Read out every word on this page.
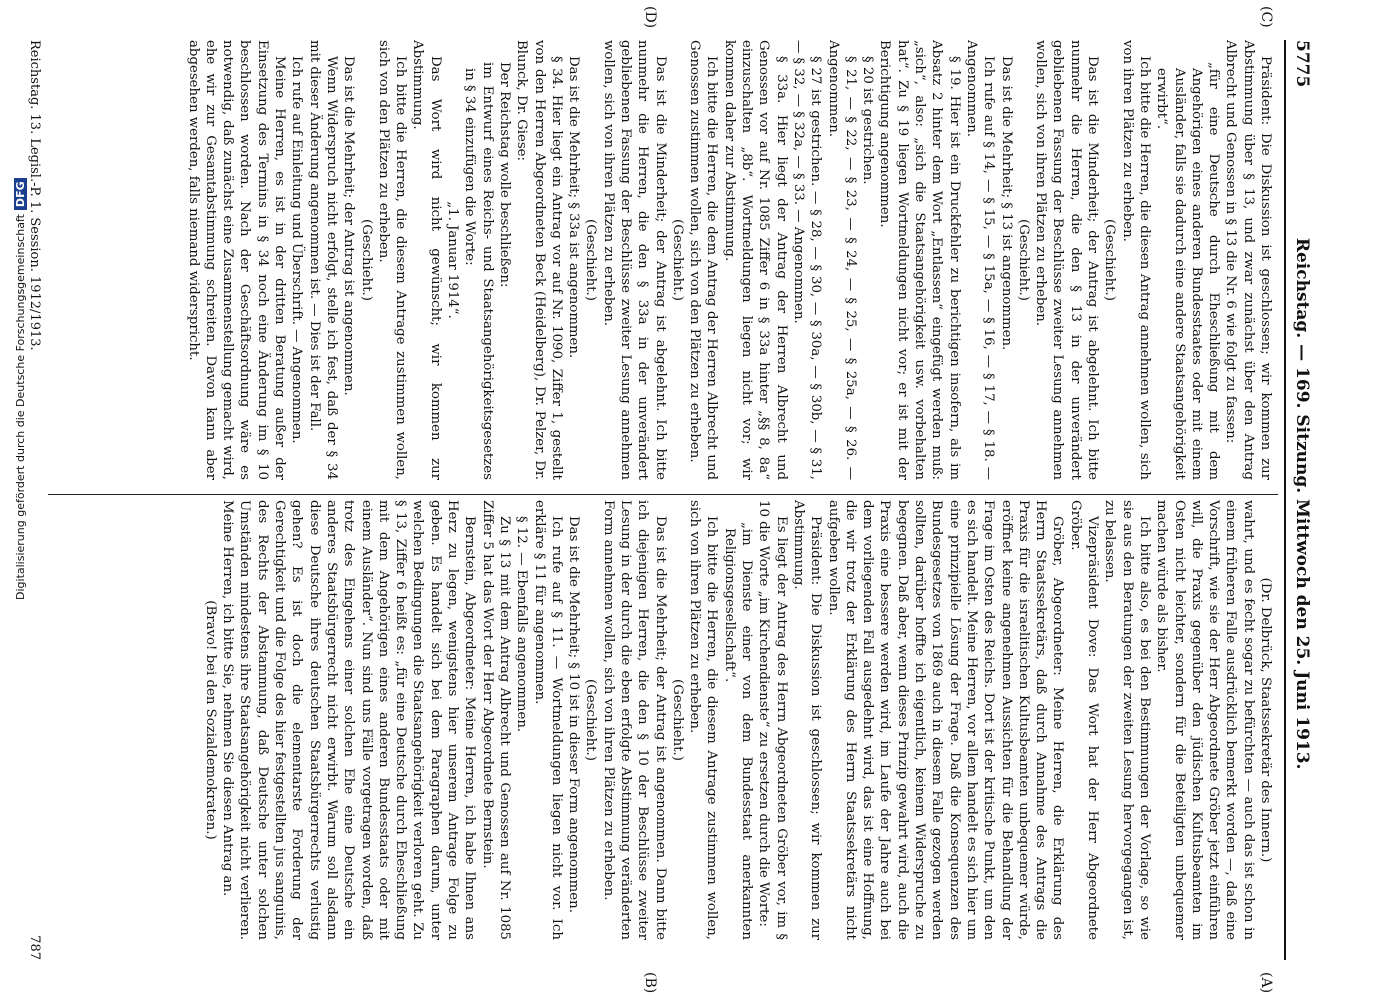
5775
Reichstag. — 169. Sitzung. Mittwoch den 25. Juni 1913.
(A)
(B)
(C)
(D)

(Dr. Delbrück, Staatssekretär des Innern.)

wahrt, und es fecht sogar zu befürchten — auch das ist schon in einem früheren Falle ausdrücklich bemerkt worden —, daß eine Vorschrift, wie sie der Herr Abgeordnete Gröber jetzt einführen will, die Praxis gegenüber den jüdischen Kultusbeamten im Osten nicht leichter, sondern für die Beteiligten unbequemer machen würde als bisher.

Ich bitte also, es bei den Bestimmungen der Vorlage, so wie sie aus den Beratungen der zweiten Lesung hervorgegangen ist, zu belassen.

Vizepräsident Dove: Das Wort hat der Herr Abgeordnete Gröber.

Gröber, Abgeordneter: Meine Herren, die Erklärung des Herrn Staatssekretärs, daß durch Annahme des Antrags die Praxis für die israelitischen Kultusbeamten unbequemer würde, eröffnet keine angenehmen Aussichten für die Behandlung der Frage im Osten des Reichs. Dort ist der kritische Punkt, um den es sich handelt. Meine Herren, vor allem handelt es sich hier um eine prinzipielle Lösung der Frage. Daß die Konsequenzen des Bundesgesetzes von 1869 auch in diesem Falle gezogen werden sollten, darüber hoffte ich eigentlich, keinem Widerspruche zu begegnen. Daß aber, wenn dieses Prinzip gewahrt wird, auch die Praxis eine bessere werden wird, im Laufe der Jahre auch bei dem vorliegenden Fall ausgedehnt wird, das ist eine Hoffnung, die wir trotz der Erklärung des Herrn Staatssekretärs nicht aufgeben wollen.

Präsident: Die Diskussion ist geschlossen; wir kommen zur Abstimmung.

Es liegt der Antrag des Herrn Abgeordneten Gröber vor, im § 10 die Worte „im Kirchendienste“ zu ersetzen durch die Worte:

„im Dienste einer von dem Bundesstaat anerkannten Religionsgesellschaft“.

Ich bitte die Herren, die diesem Antrage zustimmen wollen, sich von ihren Plätzen zu erheben.

(Geschieht.)

Das ist die Mehrheit; der Antrag ist angenommen. Dann bitte ich diejenigen Herren, die den § 10 der Beschlüsse zweiter Lesung in der durch die eben erfolgte Abstimmung veränderten Form annehmen wollen, sich von ihren Plätzen zu erheben.

(Geschieht.)

Das ist die Mehrheit; § 10 ist in dieser Form angenommen.

Ich rufe auf § 11. — Wortmeldungen liegen nicht vor. Ich erkläre § 11 für angenommen.

§ 12. — Ebenfalls angenommen.

Zu § 13 mit dem Antrag Albrecht und Genossen auf Nr. 1085 Ziffer 5 hat das Wort der Herr Abgeordnete Bernstein.

Bernstein, Abgeordneter: Meine Herren, ich habe Ihnen ans Herz zu legen, wenigstens hier unserem Antrage Folge zu geben. Es handelt sich bei dem Paragraphen darum, unter welchen Bedingungen die Staatsangehörigkeit verloren geht. Zu § 13, Ziffer 6 heißt es: „für eine Deutsche durch Eheschließung mit dem Angehörigen eines anderen Bundesstaats oder mit einem Ausländer“. Nun sind uns Fälle vorgetragen worden, daß trotz des Eingehens einer solchen Ehe eine Deutsche ein anderes Staatsbürgerrecht nicht erwirbt. Warum soll alsdann diese Deutsche ihres deutschen Staatsbürgerrechts verlustig gehen? Es ist doch die elementarste Forderung der Gerechtigkeit und die Folge des hier festgestellten jus sanguinis, des Rechts der Abstammung, daß Deutsche unter solchen Umständen mindestens ihre Staatsangehörigkeit nicht verlieren. Meine Herren, ich bitte Sie, nehmen Sie diesen Antrag an.

(Bravo! bei den Sozialdemokraten.)

Präsident: Die Diskussion ist geschlossen; wir kommen zur Abstimmung über § 13, und zwar zunächst über den Antrag Albrecht und Genossen in § 13 die Nr. 6 wie folgt zu fassen:

„für eine Deutsche durch Eheschließung mit dem Angehörigen eines anderen Bundesstaates oder mit einem Ausländer, falls sie dadurch eine andere Staatsangehörigkeit erwirbt“.

Ich bitte die Herren, die diesen Antrag annehmen wollen, sich von ihren Plätzen zu erheben.

(Geschieht.)

Das ist die Minderheit; der Antrag ist abgelehnt. Ich bitte nunmehr die Herren, die den § 13 in der unverändert gebliebenen Fassung der Beschlüsse zweiter Lesung annehmen wollen, sich von ihren Plätzen zu erheben.

(Geschieht.)

Das ist die Mehrheit; § 13 ist angenommen.

Ich rufe auf § 14, — § 15, — § 15a, — § 16, — § 17, — § 18. — Angenommen.

§ 19. Hier ist ein Druckfehler zu berichtigen insofern, als im Absatz 2 hinter dem Wort „Entlassen“ eingefügt werden muß: „sich“, also: „sich die Staatsangehörigkeit usw. vorbehalten hat“. Zu § 19 liegen Wortmeldungen nicht vor; er ist mit der Berichtigung angenommen.

§ 20 ist gestrichen.

§ 21, — § 22, — § 23, — § 24, — § 25, — § 25a, — § 26. — Angenommen.

§ 27 ist gestrichen. — § 28, — § 30, — § 30a, — § 30b, — § 31, — § 32, — § 32a, — § 33. — Angenommen.

§ 33a. Hier liegt der Antrag der Herren Albrecht und Genossen vor auf Nr. 1085 Ziffer 6 in § 33a hinter „§§ 8, 8a“ einzuschalten „8b“. Wortmeldungen liegen nicht vor; wir kommen daher zur Abstimmung.

Ich bitte die Herren, die dem Antrag der Herren Albrecht und Genossen zustimmen wollen, sich von den Plätzen zu erheben.

(Geschieht.)

Das ist die Minderheit; der Antrag ist abgelehnt. Ich bitte nunmehr die Herren, die den § 33a in der unverändert gebliebenen Fassung der Beschlüsse zweiter Lesung annehmen wollen, sich von ihren Plätzen zu erheben.

(Geschieht.)

Das ist die Mehrheit; § 33a ist angenommen.

§ 34. Hier liegt ein Antrag vor auf Nr. 1090, Ziffer 1, gestellt von den Herren Abgeordneten Beck (Heidelberg), Dr. Pelzer, Dr. Blunck, Dr. Giese:

Der Reichstag wolle beschließen:

im Entwurf eines Reichs- und Staatsangehörigkeitsgesetzes in § 34 einzufügen die Worte:

„1. Januar 1914“.

Das Wort wird nicht gewünscht; wir kommen zur Abstimmung.

Ich bitte die Herren, die diesem Antrage zustimmen wollen, sich von den Plätzen zu erheben.

(Geschieht.)

Das ist die Mehrheit; der Antrag ist angenommen.

Wenn Widerspruch nicht erfolgt, stelle ich fest, daß der § 34 mit dieser Änderung angenommen ist. — Dies ist der Fall.

Ich rufe auf Einleitung und Überschrift. — Angenommen.

Meine Herren, es ist in der dritten Beratung außer der Einsetzung des Termins in § 34 noch eine Änderung im § 10 beschlossen worden. Nach der Geschäftsordnung wäre es notwendig, daß zunächst eine Zusammenstellung gemacht wird, ehe wir zur Gesamtabstimmung schreiten. Davon kann aber abgesehen werden, falls niemand widerspricht.

Reichstag. 13. Legisl.-P. 1. Session. 1912/1913.
787
Digitalisierung gefördert durch die Deutsche ForschungsgemeinschaftDFG
